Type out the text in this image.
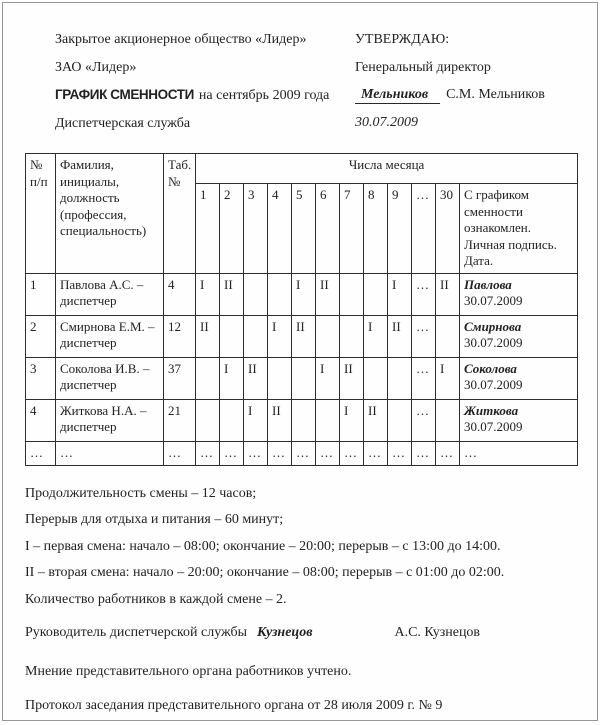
Закрытое акционерное общество «Лидер»

ЗАО «Лидер»

ГРАФИК СМЕННОСТИ на сентябрь 2009 года

Диспетчерская служба

УТВЕРЖДАЮ:

Генеральный директор

Мельников С.М. Мельников

30.07.2009

№ п/п	Фамилия, инициалы, должность (профессия, специальность)	Таб. №	Числа месяца											
			1	2	3	4	5	6	7	8	9	…	30	С графиком сменности ознакомлен. Личная подпись. Дата.
1	Павлова А.С. – диспетчер	4	I	II			I	II			I	…	II	Павлова
30.07.2009

2	Смирнова Е.М. – диспетчер	12	II			I	II			I	II	…		Смирнова
30.07.2009

3	Соколова И.В. – диспетчер	37		I	II			I	II			…	I	Соколова
30.07.2009

4	Житкова Н.А. – диспетчер	21			I	II			I	II		…		Житкова
30.07.2009

…	…	…	…	…	…	…	…	…	…	…	…	…	…	…

Продолжительность смены – 12 часов;

Перерыв для отдыха и питания – 60 минут;

I – первая смена: начало – 08:00; окончание – 20:00; перерыв – с 13:00 до 14:00.

II – вторая смена: начало – 20:00; окончание – 08:00; перерыв – с 01:00 до 02:00.

Количество работников в каждой смене – 2.

Руководитель диспетчерской службы Кузнецов	А.С. Кузнецов

Мнение представительного органа работников учтено.

Протокол заседания представительного органа от 28 июля 2009 г. № 9
